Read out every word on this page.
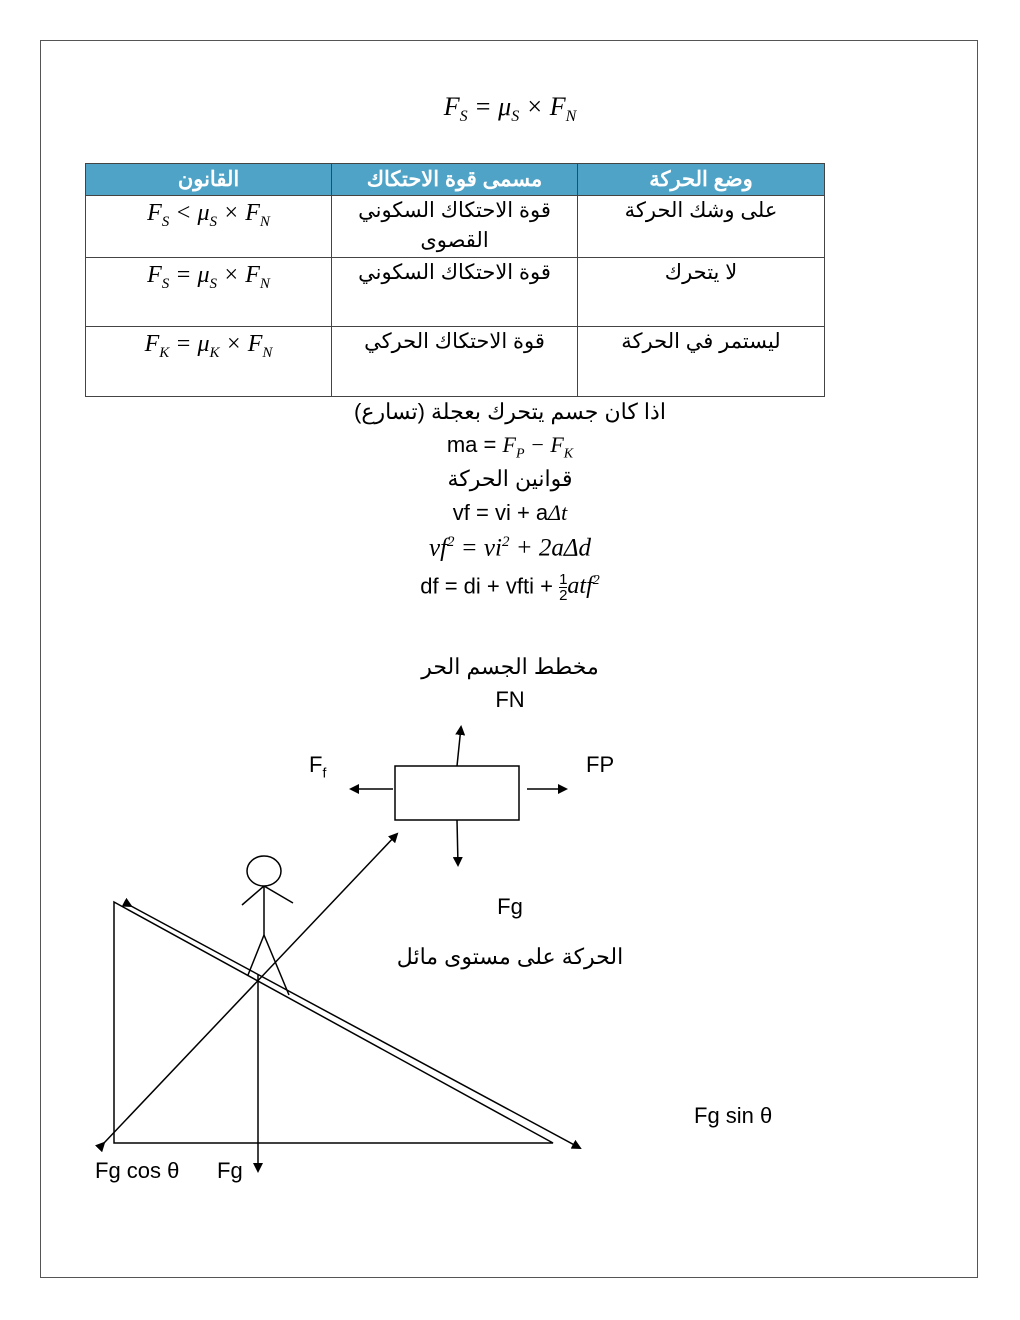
$F_S = \mu_S \times F_N$
القانون	مسمى قوة الاحتكاك	وضع الحركة
$F_S < \mu_S \times F_N$	قوة الاحتكاك السكوني القصوى	على وشك الحركة
$F_S = \mu_S \times F_N$	قوة الاحتكاك السكوني	لا يتحرك
$F_K = \mu_K \times F_N$	قوة الاحتكاك الحركي	ليستمر في الحركة
اذا كان جسم يتحرك بعجلة (تسارع)
ma = $F_P - F_K$
قوانين الحركة
vf = vi + aΔt
$vf^2 = vi^2 + 2a\Delta d$
df = di + vfti + $\frac{1}{2} atf^2$
مخطط الجسم الحر
FN
$F_f$	FP
Fg
الحركة على مستوى مائل
Fg sin θ
Fg cos θ Fg
